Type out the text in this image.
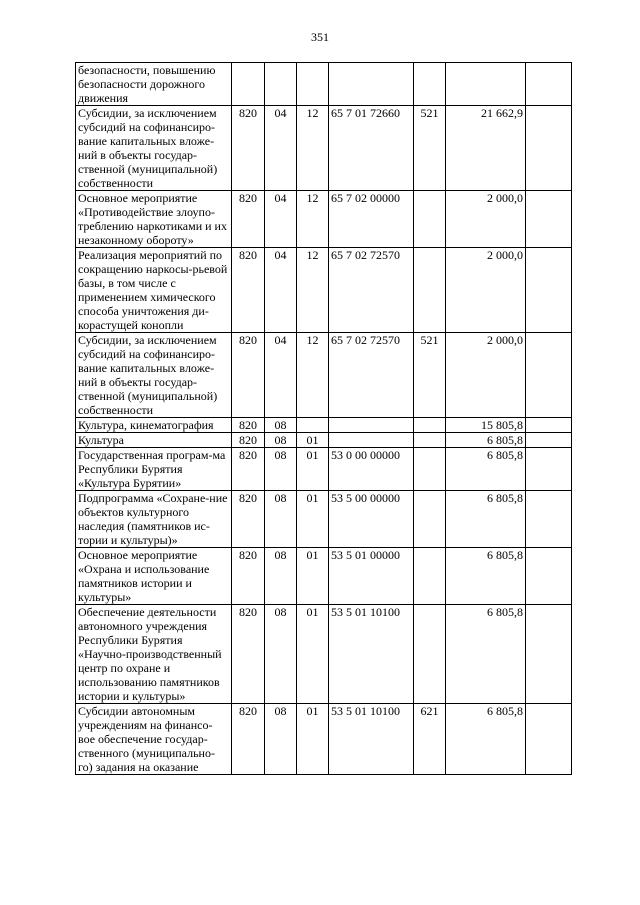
351
безопасности, повышению безопасности дорожного движения							
Субсидии, за исключением субсидий на софинансиро-вание капитальных вложе-ний в объекты государ-ственной (муниципальной) собственности	820	04	12	65 7 01 72660	521	21 662,9	
Основное мероприятие «Противодействие злоупо-треблению наркотиками и их незаконному обороту»	820	04	12	65 7 02 00000		2 000,0	
Реализация мероприятий по сокращению наркосы-рьевой базы, в том числе с применением химического способа уничтожения ди-корастущей конопли	820	04	12	65 7 02 72570		2 000,0	
Субсидии, за исключением субсидий на софинансиро-вание капитальных вложе-ний в объекты государ-ственной (муниципальной) собственности	820	04	12	65 7 02 72570	521	2 000,0	
Культура, кинематография	820	08				15 805,8	
Культура	820	08	01			6 805,8	
Государственная програм-ма Республики Бурятия «Культура Бурятии»	820	08	01	53 0 00 00000		6 805,8	
Подпрограмма «Сохране-ние объектов культурного наследия (памятников ис-тории и культуры)»	820	08	01	53 5 00 00000		6 805,8	
Основное мероприятие «Охрана и использование памятников истории и культуры»	820	08	01	53 5 01 00000		6 805,8	
Обеспечение деятельности автономного учреждения Республики Бурятия «Научно-производственный центр по охране и использованию памятников истории и культуры»	820	08	01	53 5 01 10100		6 805,8	
Субсидии автономным учреждениям на финансо-вое обеспечение государ-ственного (муниципально-го) задания на оказание	820	08	01	53 5 01 10100	621	6 805,8	
